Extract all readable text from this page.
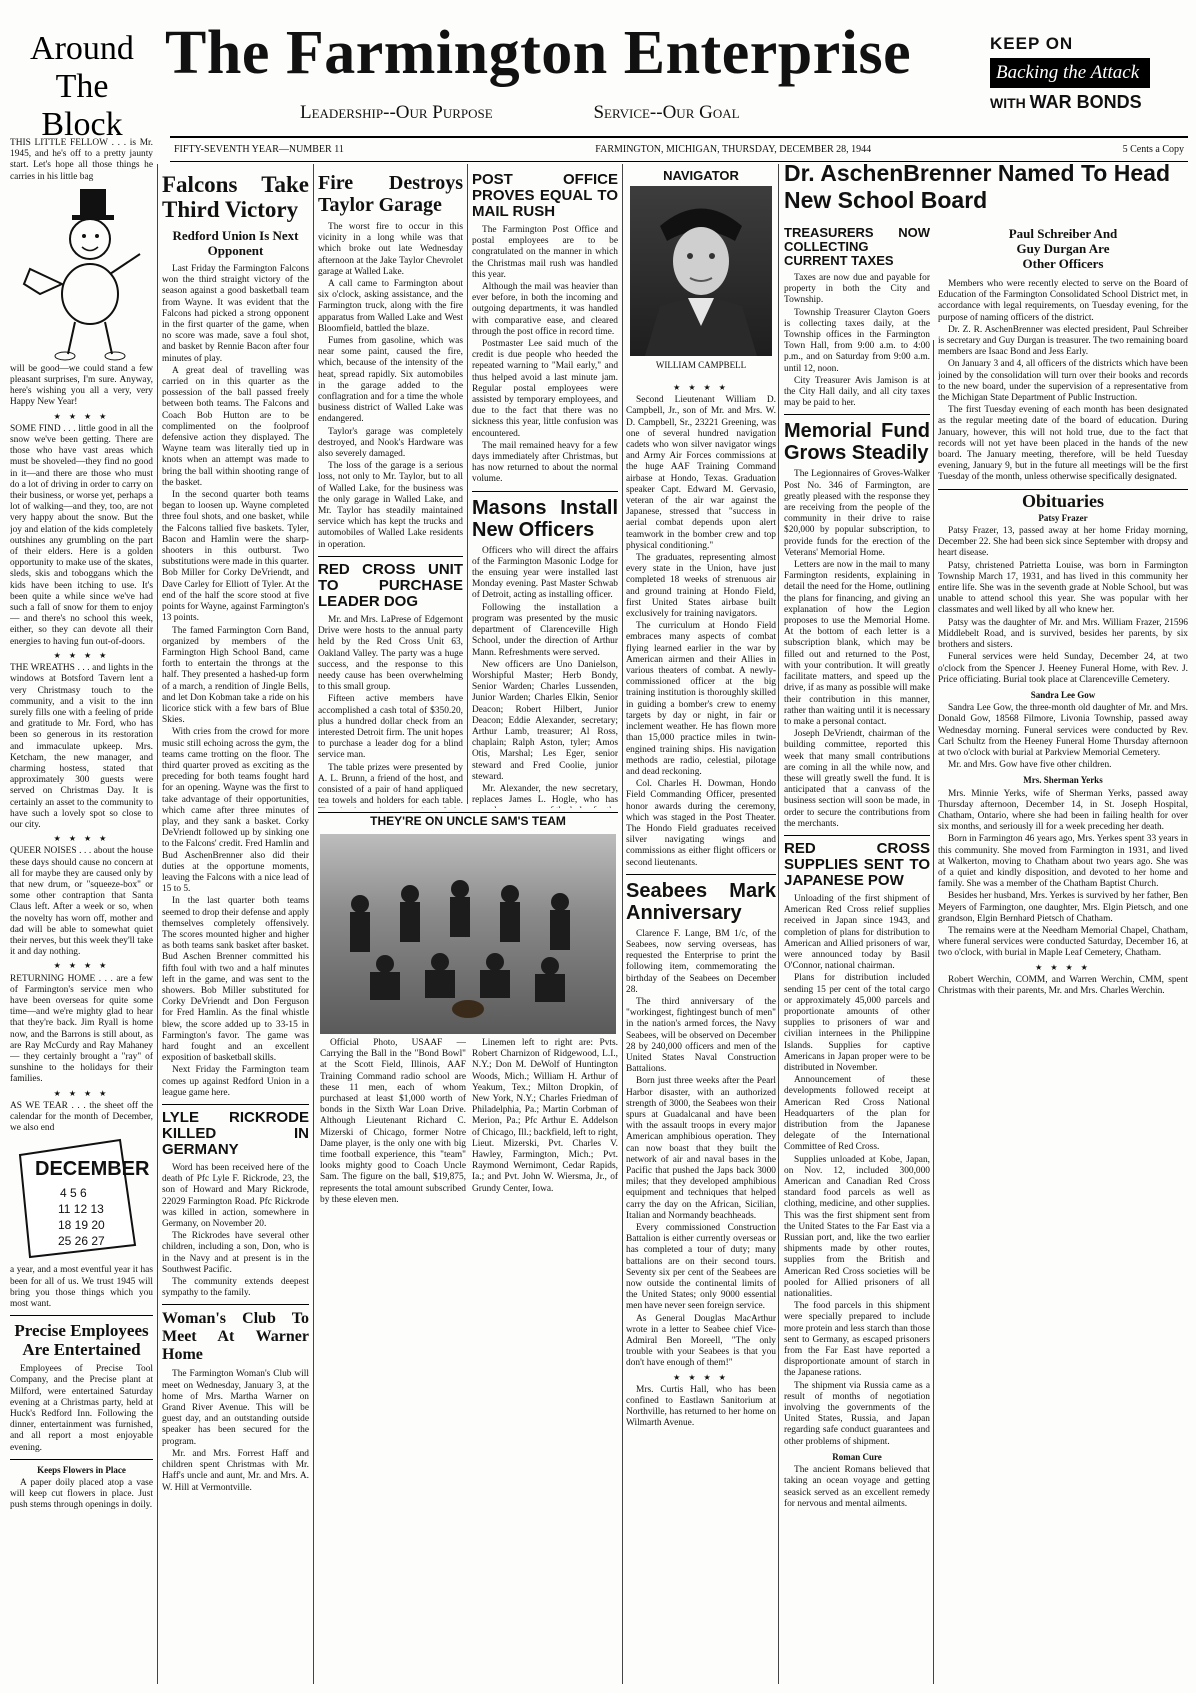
Around
The Block
The Farmington Enterprise
Leadership--Our Purpose	Service--Our Goal
KEEP ON
Backing the Attack
WITH WAR BONDS
FIFTY-SEVENTH YEAR—NUMBER 11	FARMINGTON, MICHIGAN, THURSDAY, DECEMBER 28, 1944	5 Cents a Copy

THIS LITTLE FELLOW . . . is Mr. 1945, and he's off to a pretty jaunty start. Let's hope all those things he carries in his little bag

will be good—we could stand a few pleasant surprises, I'm sure. Anyway, here's wishing you all a very, very Happy New Year!

★ ★ ★ ★

SOME FIND . . . little good in all the snow we've been getting. There are those who have vast areas which must be shoveled—they find no good in it—and there are those who must do a lot of driving in order to carry on their business, or worse yet, perhaps a lot of walking—and they, too, are not very happy about the snow. But the joy and elation of the kids completely outshines any grumbling on the part of their elders. Here is a golden opportunity to make use of the skates, sleds, skis and toboggans which the kids have been itching to use. It's been quite a while since we've had such a fall of snow for them to enjoy — and there's no school this week, either, so they can devote all their energies to having fun out-of-doors.

★ ★ ★ ★

THE WREATHS . . . and lights in the windows at Botsford Tavern lent a very Christmasy touch to the community, and a visit to the inn surely fills one with a feeling of pride and gratitude to Mr. Ford, who has been so generous in its restoration and immaculate upkeep. Mrs. Ketcham, the new manager, and charming hostess, stated that approximately 300 guests were served on Christmas Day. It is certainly an asset to the community to have such a lovely spot so close to our city.

★ ★ ★ ★

QUEER NOISES . . . about the house these days should cause no concern at all for maybe they are caused only by that new drum, or "squeeze-box" or some other contraption that Santa Claus left. After a week or so, when the novelty has worn off, mother and dad will be able to somewhat quiet their nerves, but this week they'll take it and day nothing.

★ ★ ★ ★

RETURNING HOME . . . are a few of Farmington's service men who have been overseas for quite some time—and we're mighty glad to hear that they're back. Jim Ryall is home now, and the Barrons is still about, as are Ray McCurdy and Ray Mahaney — they certainly brought a "ray" of sunshine to the holidays for their families.

★ ★ ★ ★

AS WE TEAR . . . the sheet off the calendar for the month of December, we also end

DECEMBER
4 5 6
11 12 13
18 19 20
25 26 27

a year, and a most eventful year it has been for all of us. We trust 1945 will bring you those things which you most want.

Precise Employees Are Entertained

Employees of Precise Tool Company, and the Precise plant at Milford, were entertained Saturday evening at a Christmas party, held at Huck's Redford Inn. Following the dinner, entertainment was furnished, and all report a most enjoyable evening.

Keeps Flowers in Place

A paper doily placed atop a vase will keep cut flowers in place. Just push stems through openings in doily.

Falcons Take Third Victory
Redford Union Is Next Opponent

Last Friday the Farmington Falcons won the third straight victory of the season against a good basketball team from Wayne. It was evident that the Falcons had picked a strong opponent in the first quarter of the game, when no score was made, save a foul shot, and basket by Rennie Bacon after four minutes of play.

A great deal of travelling was carried on in this quarter as the possession of the ball passed freely between both teams. The Falcons and Coach Bob Hutton are to be complimented on the foolproof defensive action they displayed. The Wayne team was literally tied up in knots when an attempt was made to bring the ball within shooting range of the basket.

In the second quarter both teams began to loosen up. Wayne completed three foul shots, and one basket, while the Falcons tallied five baskets. Tyler, Bacon and Hamlin were the sharp-shooters in this outburst. Two substitutions were made in this quarter. Bob Miller for Corky DeVriendt, and Dave Carley for Elliott of Tyler. At the end of the half the score stood at five points for Wayne, against Farmington's 13 points.

The famed Farmington Corn Band, organized by members of the Farmington High School Band, came forth to entertain the throngs at the half. They presented a hashed-up form of a march, a rendition of Jingle Bells, and let Don Kobman take a ride on his licorice stick with a few bars of Blue Skies.

With cries from the crowd for more music still echoing across the gym, the teams came trotting on the floor. The third quarter proved as exciting as the preceding for both teams fought hard for an opening. Wayne was the first to take advantage of their opportunities, which came after three minutes of play, and they sank a basket. Corky DeVriendt followed up by sinking one to the Falcons' credit. Fred Hamlin and Bud AschenBrenner also did their duties at the opportune moments, leaving the Falcons with a nice lead of 15 to 5.

In the last quarter both teams seemed to drop their defense and apply themselves completely offensively. The scores mounted higher and higher as both teams sank basket after basket. Bud Aschen Brenner committed his fifth foul with two and a half minutes left in the game, and was sent to the showers. Bob Miller substituted for Corky DeVriendt and Don Ferguson for Fred Hamlin. As the final whistle blew, the score added up to 33-15 in Farmington's favor. The game was hard fought and an excellent exposition of basketball skills.

Next Friday the Farmington team comes up against Redford Union in a league game here.

LYLE RICKRODE KILLED IN GERMANY

Word has been received here of the death of Pfc Lyle F. Rickrode, 23, the son of Howard and Mary Rickrode, 22029 Farmington Road. Pfc Rickrode was killed in action, somewhere in Germany, on November 20.

The Rickrodes have several other children, including a son, Don, who is in the Navy and at present is in the Southwest Pacific.

The community extends deepest sympathy to the family.

Woman's Club To Meet At Warner Home

The Farmington Woman's Club will meet on Wednesday, January 3, at the home of Mrs. Martha Warner on Grand River Avenue. This will be guest day, and an outstanding outside speaker has been secured for the program.

Mr. and Mrs. Forrest Haff and children spent Christmas with Mr. Haff's uncle and aunt, Mr. and Mrs. A. W. Hill at Vermontville.

Fire Destroys Taylor Garage

The worst fire to occur in this vicinity in a long while was that which broke out late Wednesday afternoon at the Jake Taylor Chevrolet garage at Walled Lake.

A call came to Farmington about six o'clock, asking assistance, and the Farmington truck, along with the fire apparatus from Walled Lake and West Bloomfield, battled the blaze.

Fumes from gasoline, which was near some paint, caused the fire, which, because of the intensity of the heat, spread rapidly. Six automobiles in the garage added to the conflagration and for a time the whole business district of Walled Lake was endangered.

Taylor's garage was completely destroyed, and Nook's Hardware was also severely damaged.

The loss of the garage is a serious loss, not only to Mr. Taylor, but to all of Walled Lake, for the business was the only garage in Walled Lake, and Mr. Taylor has steadily maintained service which has kept the trucks and automobiles of Walled Lake residents in operation.

RED CROSS UNIT TO PURCHASE LEADER DOG

Mr. and Mrs. LaPrese of Edgemont Drive were hosts to the annual party held by the Red Cross Unit 63, Oakland Valley. The party was a huge success, and the response to this needy cause has been overwhelming to this small group.

Fifteen active members have accomplished a cash total of $350.20, plus a hundred dollar check from an interested Detroit firm. The unit hopes to purchase a leader dog for a blind service man.

The table prizes were presented by A. L. Brunn, a friend of the host, and consisted of a pair of hand appliqued tea towels and holders for each table.

POST OFFICE PROVES EQUAL TO MAIL RUSH

The Farmington Post Office and postal employees are to be congratulated on the manner in which the Christmas mail rush was handled this year.

Although the mail was heavier than ever before, in both the incoming and outgoing departments, it was handled with comparative ease, and cleared through the post office in record time.

Postmaster Lee said much of the credit is due people who heeded the repeated warning to "Mail early," and thus helped avoid a last minute jam. Regular postal employees were assisted by temporary employees, and due to the fact that there was no sickness this year, little confusion was encountered.

The mail remained heavy for a few days immediately after Christmas, but has now returned to about the normal volume.

Masons Install New Officers

Officers who will direct the affairs of the Farmington Masonic Lodge for the ensuing year were installed last Monday evening. Past Master Schwab of Detroit, acting as installing officer.

Following the installation a program was presented by the music department of Clarenceville High School, under the direction of Arthur Mann. Refreshments were served.

New officers are Uno Danielson, Worshipful Master; Herb Bondy, Senior Warden; Charles Lussenden, Junior Warden; Charles Elkin, Senior Deacon; Robert Hilbert, Junior Deacon; Eddie Alexander, secretary; Arthur Lamb, treasurer; Al Ross, chaplain; Ralph Aston, tyler; Amos Otis, Marshal; Les Eger, senior steward and Fred Coolie, junior steward.

Mr. Alexander, the new secretary, replaces James L. Hogle, who has

THEY'RE ON UNCLE SAM'S TEAM

Official Photo, USAAF — Carrying the Ball in the "Bond Bowl" at the Scott Field, Illinois, AAF Training Command radio school are these 11 men, each of whom purchased at least $1,000 worth of bonds in the Sixth War Loan Drive. Although Lieutenant Richard C. Mizerski of Chicago, former Notre Dame player, is the only one with big time football experience, this "team" looks mighty good to Coach Uncle Sam. The figure on the ball, $19,875, represents the total amount subscribed by these eleven men.

Linemen left to right are: Pvts. Robert Charnizon of Ridgewood, L.I., N.Y.; Don M. DeWolf of Huntington Woods, Mich.; William H. Arthur of Yeakum, Tex.; Milton Dropkin, of New York, N.Y.; Charles Friedman of Philadelphia, Pa.; Martin Corbman of Merion, Pa.; Pfc Arthur E. Addelson of Chicago, Ill.; backfield, left to right, Lieut. Mizerski, Pvt. Charles V. Hawley, Farmington, Mich.; Pvt. Raymond Wernimont, Cedar Rapids, Ia.; and Pvt. John W. Wiersma, Jr., of Grundy Center, Iowa.

NAVIGATOR
WILLIAM CAMPBELL
★ ★ ★ ★

Second Lieutenant William D. Campbell, Jr., son of Mr. and Mrs. W. D. Campbell, Sr., 23221 Greening, was one of several hundred navigation cadets who won silver navigator wings and Army Air Forces commissions at the huge AAF Training Command airbase at Hondo, Texas. Graduation speaker Capt. Edward M. Gervasio, veteran of the air war against the Japanese, stressed that "success in aerial combat depends upon alert teamwork in the bomber crew and top physical conditioning."

The graduates, representing almost every state in the Union, have just completed 18 weeks of strenuous air and ground training at Hondo Field, first United States airbase built exclusively for training navigators.

The curriculum at Hondo Field embraces many aspects of combat flying learned earlier in the war by American airmen and their Allies in various theaters of combat. A newly-commissioned officer at the big training institution is thoroughly skilled in guiding a bomber's crew to enemy targets by day or night, in fair or inclement weather. He has flown more than 15,000 practice miles in twin-engined training ships. His navigation methods are radio, celestial, pilotage and dead reckoning.

Col. Charles H. Dowman, Hondo Field Commanding Officer, presented honor awards during the ceremony, which was staged in the Post Theater. The Hondo Field graduates received silver navigating wings and commissions as either flight officers or second lieutenants.

Seabees Mark Anniversary

Clarence F. Lange, BM 1/c, of the Seabees, now serving overseas, has requested the Enterprise to print the following item, commemorating the birthday of the Seabees on December 28.

The third anniversary of the "workingest, fightingest bunch of men" in the nation's armed forces, the Navy Seabees, will be observed on December 28 by 240,000 officers and men of the United States Naval Construction Battalions.

Born just three weeks after the Pearl Harbor disaster, with an authorized strength of 3000, the Seabees won their spurs at Guadalcanal and have been with the assault troops in every major American amphibious operation. They can now boast that they built the network of air and naval bases in the Pacific that pushed the Japs back 3000 miles; that they developed amphibious equipment and techniques that helped carry the day on the African, Sicilian, Italian and Normandy beachheads.

Every commissioned Construction Battalion is either currently overseas or has completed a tour of duty; many battalions are on their second tours. Seventy six per cent of the Seabees are now outside the continental limits of the United States; only 9000 essential men have never seen foreign service.

As General Douglas MacArthur wrote in a letter to Seabee chief Vice-Admiral Ben Moreell, "The only trouble with your Seabees is that you don't have enough of them!"

★ ★ ★ ★

Mrs. Curtis Hall, who has been confined to Eastlawn Sanitorium at Northville, has returned to her home on Wilmarth Avenue.

Dr. AschenBrenner Named To Head New School Board
TREASURERS NOW COLLECTING CURRENT TAXES

Taxes are now due and payable for property in both the City and Township.

Township Treasurer Clayton Goers is collecting taxes daily, at the Township offices in the Farmington Town Hall, from 9:00 a.m. to 4:00 p.m., and on Saturday from 9:00 a.m. until 12, noon.

City Treasurer Avis Jamison is at the City Hall daily, and all city taxes may be paid to her.

Memorial Fund Grows Steadily

The Legionnaires of Groves-Walker Post No. 346 of Farmington, are greatly pleased with the response they are receiving from the people of the community in their drive to raise $20,000 by popular subscription, to provide funds for the erection of the Veterans' Memorial Home.

Letters are now in the mail to many Farmington residents, explaining in detail the need for the Home, outlining the plans for financing, and giving an explanation of how the Legion proposes to use the Memorial Home. At the bottom of each letter is a subscription blank, which may be filled out and returned to the Post, with your contribution. It will greatly facilitate matters, and speed up the drive, if as many as possible will make their contribution in this manner, rather than waiting until it is necessary to make a personal contact.

Joseph DeVriendt, chairman of the building committee, reported this week that many small contributions are coming in all the while now, and these will greatly swell the fund. It is anticipated that a canvass of the business section will soon be made, in order to secure the contributions from the merchants.

RED CROSS SUPPLIES SENT TO JAPANESE POW

Unloading of the first shipment of American Red Cross relief supplies received in Japan since 1943, and completion of plans for distribution to American and Allied prisoners of war, were announced today by Basil O'Connor, national chairman.

Plans for distribution included sending 15 per cent of the total cargo or approximately 45,000 parcels and proportionate amounts of other supplies to prisoners of war and civilian internees in the Philippine Islands. Supplies for captive Americans in Japan proper were to be distributed in November.

Announcement of these developments followed receipt at American Red Cross National Headquarters of the plan for distribution from the Japanese delegate of the International Committee of Red Cross.

Supplies unloaded at Kobe, Japan, on Nov. 12, included 300,000 American and Canadian Red Cross standard food parcels as well as clothing, medicine, and other supplies. This was the first shipment sent from the United States to the Far East via a Russian port, and, like the two earlier shipments made by other routes, supplies from the British and American Red Cross societies will be pooled for Allied prisoners of all nationalities.

The food parcels in this shipment were specially prepared to include more protein and less starch than those sent to Germany, as escaped prisoners from the Far East have reported a disproportionate amount of starch in the Japanese rations.

The shipment via Russia came as a result of months of negotiation involving the governments of the United States, Russia, and Japan regarding safe conduct guarantees and other problems of shipment.

Roman Cure

The ancient Romans believed that taking an ocean voyage and getting seasick served as an excellent remedy for nervous and mental ailments.

Paul Schreiber And Guy Durgan Are Other Officers

Members who were recently elected to serve on the Board of Education of the Farmington Consolidated School District met, in accordance with legal requirements, on Tuesday evening, for the purpose of naming officers of the district.

Dr. Z. R. AschenBrenner was elected president, Paul Schreiber is secretary and Guy Durgan is treasurer. The two remaining board members are Isaac Bond and Jess Early.

On January 3 and 4, all officers of the districts which have been joined by the consolidation will turn over their books and records to the new board, under the supervision of a representative from the Michigan State Department of Public Instruction.

The first Tuesday evening of each month has been designated as the regular meeting date of the board of education. During January, however, this will not hold true, due to the fact that records will not yet have been placed in the hands of the new board. The January meeting, therefore, will be held Tuesday evening, January 9, but in the future all meetings will be the first Tuesday of the month, unless otherwise specifically designated.

Obituaries
Patsy Frazer

Patsy Frazer, 13, passed away at her home Friday morning, December 22. She had been sick since September with dropsy and heart disease.

Patsy, christened Patrietta Louise, was born in Farmington Township March 17, 1931, and has lived in this community her entire life. She was in the seventh grade at Noble School, but was unable to attend school this year. She was popular with her classmates and well liked by all who knew her.

Patsy was the daughter of Mr. and Mrs. William Frazer, 21596 Middlebelt Road, and is survived, besides her parents, by six brothers and sisters.

Funeral services were held Sunday, December 24, at two o'clock from the Spencer J. Heeney Funeral Home, with Rev. J. Price officiating. Burial took place at Clarenceville Cemetery.

Sandra Lee Gow

Sandra Lee Gow, the three-month old daughter of Mr. and Mrs. Donald Gow, 18568 Filmore, Livonia Township, passed away Wednesday morning. Funeral services were conducted by Rev. Carl Schultz from the Heeney Funeral Home Thursday afternoon at two o'clock with burial at Parkview Memorial Cemetery.

Mr. and Mrs. Gow have five other children.

Mrs. Sherman Yerks

Mrs. Minnie Yerks, wife of Sherman Yerks, passed away Thursday afternoon, December 14, in St. Joseph Hospital, Chatham, Ontario, where she had been in failing health for over six months, and seriously ill for a week preceding her death.

Born in Farmington 46 years ago, Mrs. Yerkes spent 33 years in this community. She moved from Farmington in 1931, and lived at Walkerton, moving to Chatham about two years ago. She was of a quiet and kindly disposition, and devoted to her home and family. She was a member of the Chatham Baptist Church.

Besides her husband, Mrs. Yerkes is survived by her father, Ben Meyers of Farmington, one daughter, Mrs. Elgin Pietsch, and one grandson, Elgin Bernhard Pietsch of Chatham.

The remains were at the Needham Memorial Chapel, Chatham, where funeral services were conducted Saturday, December 16, at two o'clock, with burial in Maple Leaf Cemetery, Chatham.

★ ★ ★ ★

Robert Werchin, COMM, and Warren Werchin, CMM, spent Christmas with their parents, Mr. and Mrs. Charles Werchin.
